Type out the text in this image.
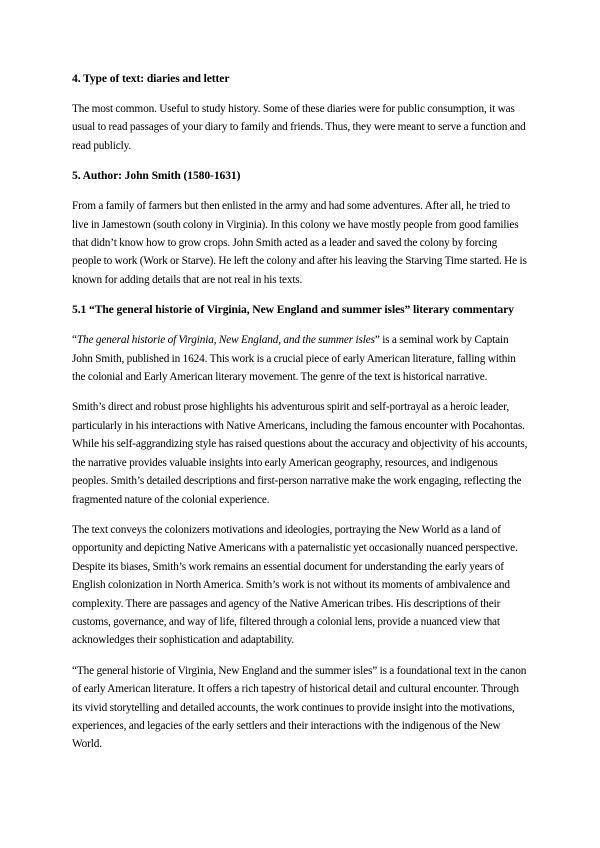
4. Type of text: diaries and letter

The most common. Useful to study history. Some of these diaries were for public consumption, it was usual to read passages of your diary to family and friends. Thus, they were meant to serve a function and read publicly.

5. Author: John Smith (1580-1631)

From a family of farmers but then enlisted in the army and had some adventures. After all, he tried to live in Jamestown (south colony in Virginia). In this colony we have mostly people from good families that didn’t know how to grow crops. John Smith acted as a leader and saved the colony by forcing people to work (Work or Starve). He left the colony and after his leaving the Starving Time started. He is known for adding details that are not real in his texts.

5.1 “The general historie of Virginia, New England and summer isles” literary commentary

“The general historie of Virginia, New England, and the summer isles” is a seminal work by Captain John Smith, published in 1624. This work is a crucial piece of early American literature, falling within the colonial and Early American literary movement. The genre of the text is historical narrative.

Smith’s direct and robust prose highlights his adventurous spirit and self-portrayal as a heroic leader, particularly in his interactions with Native Americans, including the famous encounter with Pocahontas. While his self-aggrandizing style has raised questions about the accuracy and objectivity of his accounts, the narrative provides valuable insights into early American geography, resources, and indigenous peoples. Smith’s detailed descriptions and first-person narrative make the work engaging, reflecting the fragmented nature of the colonial experience.

The text conveys the colonizers motivations and ideologies, portraying the New World as a land of opportunity and depicting Native Americans with a paternalistic yet occasionally nuanced perspective. Despite its biases, Smith’s work remains an essential document for understanding the early years of English colonization in North America. Smith’s work is not without its moments of ambivalence and complexity. There are passages and agency of the Native American tribes. His descriptions of their customs, governance, and way of life, filtered through a colonial lens, provide a nuanced view that acknowledges their sophistication and adaptability.

“The general historie of Virginia, New England and the summer isles” is a foundational text in the canon of early American literature. It offers a rich tapestry of historical detail and cultural encounter. Through its vivid storytelling and detailed accounts, the work continues to provide insight into the motivations, experiences, and legacies of the early settlers and their interactions with the indigenous of the New World.
